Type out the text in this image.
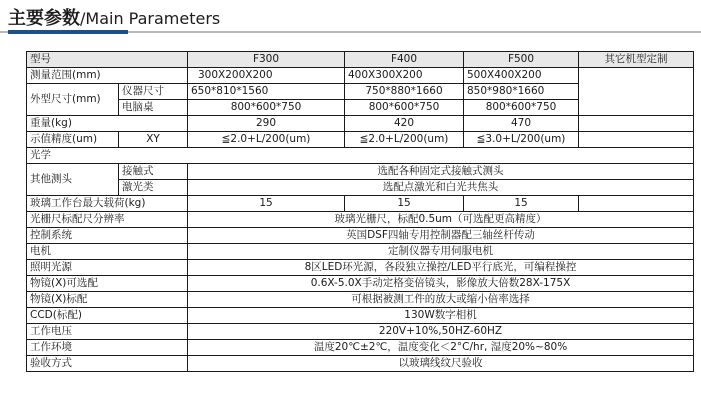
主要参数/Main Parameters
型号		F300	F400	F500	其它机型定制
测量范围(mm)		300X200X200	400X300X200	500X400X200	
外型尺寸(mm)	仪器尺寸	650*810*1560	750*880*1660	850*980*1660	
	电脑桌	800*600*750	800*600*750	800*600*750	
重量(kg)		290	420	470	
示值精度(um)	XY	≦2.0+L/200(um)	≦2.0+L/200(um)	≦3.0+L/200(um)	
光学					
其他测头	接触式	选配各种固定式接触式测头			
	激光类	选配点激光和白光共焦头			
玻璃工作台最大载荷(kg)		15	15	15	
光栅尺标配尺分辨率		玻璃光栅尺，标配0.5um（可选配更高精度）			
控制系统		英国DSF四轴专用控制器配三轴丝杆传动			
电机		定制仪器专用伺服电机			
照明光源		8区LED环光源，各段独立操控/LED平行底光，可编程操控			
物镜(X)可选配		0.6X-5.0X手动定格变倍镜头，影像放大倍数28X-175X			
物镜(X)标配		可根据被测工件的放大或缩小倍率选择			
CCD(标配)		130W数字相机			
工作电压		220V+10%,50HZ-60HZ			
工作环境		温度20℃±2℃，温度变化＜2°C/hr, 湿度20%~80%			
验收方式		以玻璃线纹尺验收			
